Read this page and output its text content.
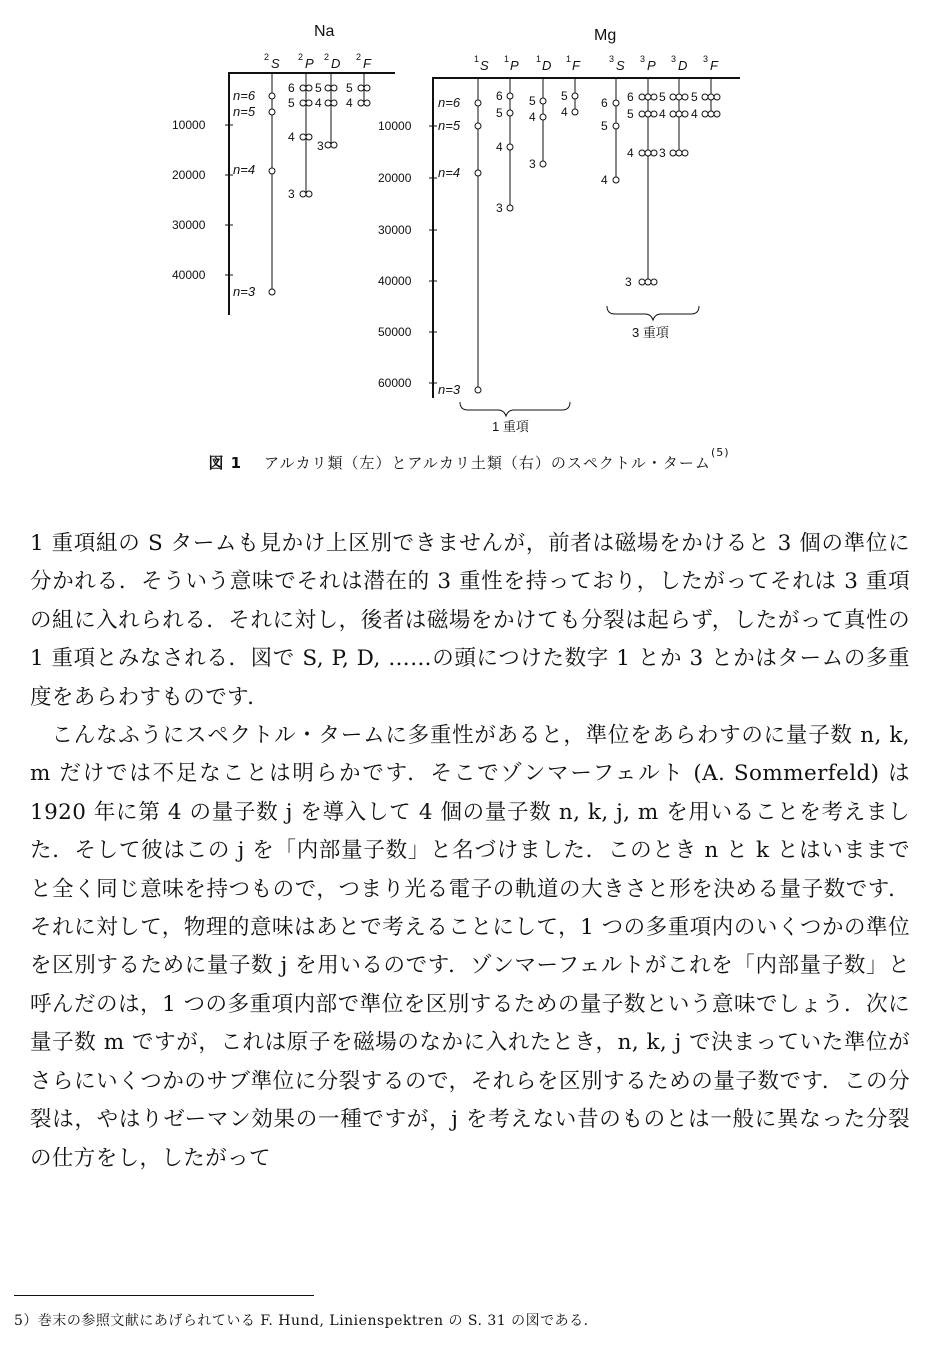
Na
2 S 2 P 2 D 2 F
10000
20000
30000
40000
n=6
n=5
n=4
n=3
6
5
4
3
5
4
3
5
4
Mg
1 S 1 P 1 D 1 F	3 S 3 P 3 D 3 F
10000
20000
30000
40000
50000
60000
n=6
n=5
n=4
n=3
6
5
4
3
5
4
3
5
4
6
5
4
6
5
4
3
5
4
3
5
4
3 重項
1 重項
図 1 アルカリ類（左）とアルカリ土類（右）のスペクトル・ターム$^{(5)}$

1 重項組の S タームも見かけ上区別できませんが，前者は磁場をかけると 3 個の準位に分かれる．そういう意味でそれは潜在的 3 重性を持っており，したがってそれは 3 重項の組に入れられる．それに対し，後者は磁場をかけても分裂は起らず，したがって真性の 1 重項とみなされる．図で S, P, D, ……の頭につけた数字 1 とか 3 とかはタームの多重度をあらわすものです．

こんなふうにスペクトル・タームに多重性があると，準位をあらわすのに量子数 n, k, m だけでは不足なことは明らかです．そこでゾンマーフェルト (A. Sommerfeld) は 1920 年に第 4 の量子数 j を導入して 4 個の量子数 n, k, j, m を用いることを考えました．そして彼はこの j を「内部量子数」と名づけました．このとき n と k とはいままでと全く同じ意味を持つもので，つまり光る電子の軌道の大きさと形を決める量子数です．それに対して，物理的意味はあとで考えることにして，1 つの多重項内のいくつかの準位を区別するために量子数 j を用いるのです．ゾンマーフェルトがこれを「内部量子数」と呼んだのは，1 つの多重項内部で準位を区別するための量子数という意味でしょう．次に量子数 m ですが，これは原子を磁場のなかに入れたとき，n, k, j で決まっていた準位がさらにいくつかのサブ準位に分裂するので，それらを区別するための量子数です．この分裂は，やはりゼーマン効果の一種ですが，j を考えない昔のものとは一般に異なった分裂の仕方をし，したがって

5）巻末の参照文献にあげられている F. Hund, Linienspektren の S. 31 の図である．
